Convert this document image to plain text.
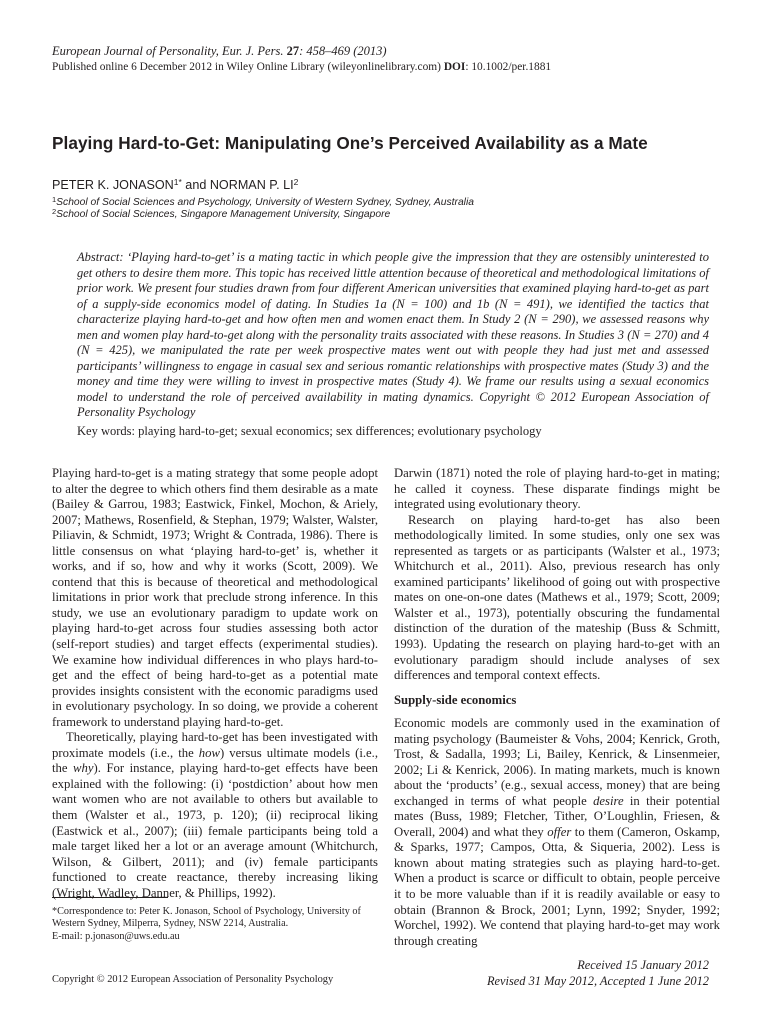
European Journal of Personality, Eur. J. Pers. 27: 458–469 (2013)
Published online 6 December 2012 in Wiley Online Library (wileyonlinelibrary.com) DOI: 10.1002/per.1881
Playing Hard-to-Get: Manipulating One’s Perceived Availability as a Mate
PETER K. $JONASON^{1*}$ and NORMAN P. $LI^2$
$^1$School of Social Sciences and Psychology, University of Western Sydney, Sydney, Australia
$^2$School of Social Sciences, Singapore Management University, Singapore
Abstract: ‘Playing hard-to-get’ is a mating tactic in which people give the impression that they are ostensibly uninterested to get others to desire them more. This topic has received little attention because of theoretical and methodological limitations of prior work. We present four studies drawn from four different American universities that examined playing hard-to-get as part of a supply-side economics model of dating. In Studies 1a (N = 100) and 1b (N = 491), we identified the tactics that characterize playing hard-to-get and how often men and women enact them. In Study 2 (N = 290), we assessed reasons why men and women play hard-to-get along with the personality traits associated with these reasons. In Studies 3 (N = 270) and 4 (N = 425), we manipulated the rate per week prospective mates went out with people they had just met and assessed participants’ willingness to engage in casual sex and serious romantic relationships with prospective mates (Study 3) and the money and time they were willing to invest in prospective mates (Study 4). We frame our results using a sexual economics model to understand the role of perceived availability in mating dynamics. Copyright © 2012 European Association of Personality Psychology
Key words: playing hard-to-get; sexual economics; sex differences; evolutionary psychology

Playing hard-to-get is a mating strategy that some people adopt to alter the degree to which others find them desirable as a mate (Bailey & Garrou, 1983; Eastwick, Finkel, Mochon, & Ariely, 2007; Mathews, Rosenfield, & Stephan, 1979; Walster, Walster, Piliavin, & Schmidt, 1973; Wright & Contrada, 1986). There is little consensus on what ‘playing hard-to-get’ is, whether it works, and if so, how and why it works (Scott, 2009). We contend that this is because of theoretical and methodological limitations in prior work that preclude strong inference. In this study, we use an evolutionary paradigm to update work on playing hard-to-get across four studies assessing both actor (self-report studies) and target effects (experimental studies). We examine how individual differences in who plays hard-to-get and the effect of being hard-to-get as a potential mate provides insights consistent with the economic paradigms used in evolutionary psychology. In so doing, we provide a coherent framework to understand playing hard-to-get.

Theoretically, playing hard-to-get has been investigated with proximate models (i.e., the how) versus ultimate models (i.e., the why). For instance, playing hard-to-get effects have been explained with the following: (i) ‘postdiction’ about how men want women who are not available to others but available to them (Walster et al., 1973, p. 120); (ii) reciprocal liking (Eastwick et al., 2007); (iii) female participants being told a male target liked her a lot or an average amount (Whitchurch, Wilson, & Gilbert, 2011); and (iv) female participants functioned to create reactance, thereby increasing liking (Wright, Wadley, Danner, & Phillips, 1992).

Darwin (1871) noted the role of playing hard-to-get in mating; he called it coyness. These disparate findings might be integrated using evolutionary theory.

Research on playing hard-to-get has also been methodologically limited. In some studies, only one sex was represented as targets or as participants (Walster et al., 1973; Whitchurch et al., 2011). Also, previous research has only examined participants’ likelihood of going out with prospective mates on one-on-one dates (Mathews et al., 1979; Scott, 2009; Walster et al., 1973), potentially obscuring the fundamental distinction of the duration of the mateship (Buss & Schmitt, 1993). Updating the research on playing hard-to-get with an evolutionary paradigm should include analyses of sex differences and temporal context effects.

Supply-side economics

Economic models are commonly used in the examination of mating psychology (Baumeister & Vohs, 2004; Kenrick, Groth, Trost, & Sadalla, 1993; Li, Bailey, Kenrick, & Linsenmeier, 2002; Li & Kenrick, 2006). In mating markets, much is known about the ‘products’ (e.g., sexual access, money) that are being exchanged in terms of what people desire in their potential mates (Buss, 1989; Fletcher, Tither, O’Loughlin, Friesen, & Overall, 2004) and what they offer to them (Cameron, Oskamp, & Sparks, 1977; Campos, Otta, & Siqueria, 2002). Less is known about mating strategies such as playing hard-to-get. When a product is scarce or difficult to obtain, people perceive it to be more valuable than if it is readily available or easy to obtain (Brannon & Brock, 2001; Lynn, 1992; Snyder, 1992; Worchel, 1992). We contend that playing hard-to-get may work through creating

*Correspondence to: Peter K. Jonason, School of Psychology, University of Western Sydney, Milperra, Sydney, NSW 2214, Australia.
E-mail: p.jonason@uws.edu.au
Copyright © 2012 European Association of Personality Psychology
Received 15 January 2012
Revised 31 May 2012, Accepted 1 June 2012
